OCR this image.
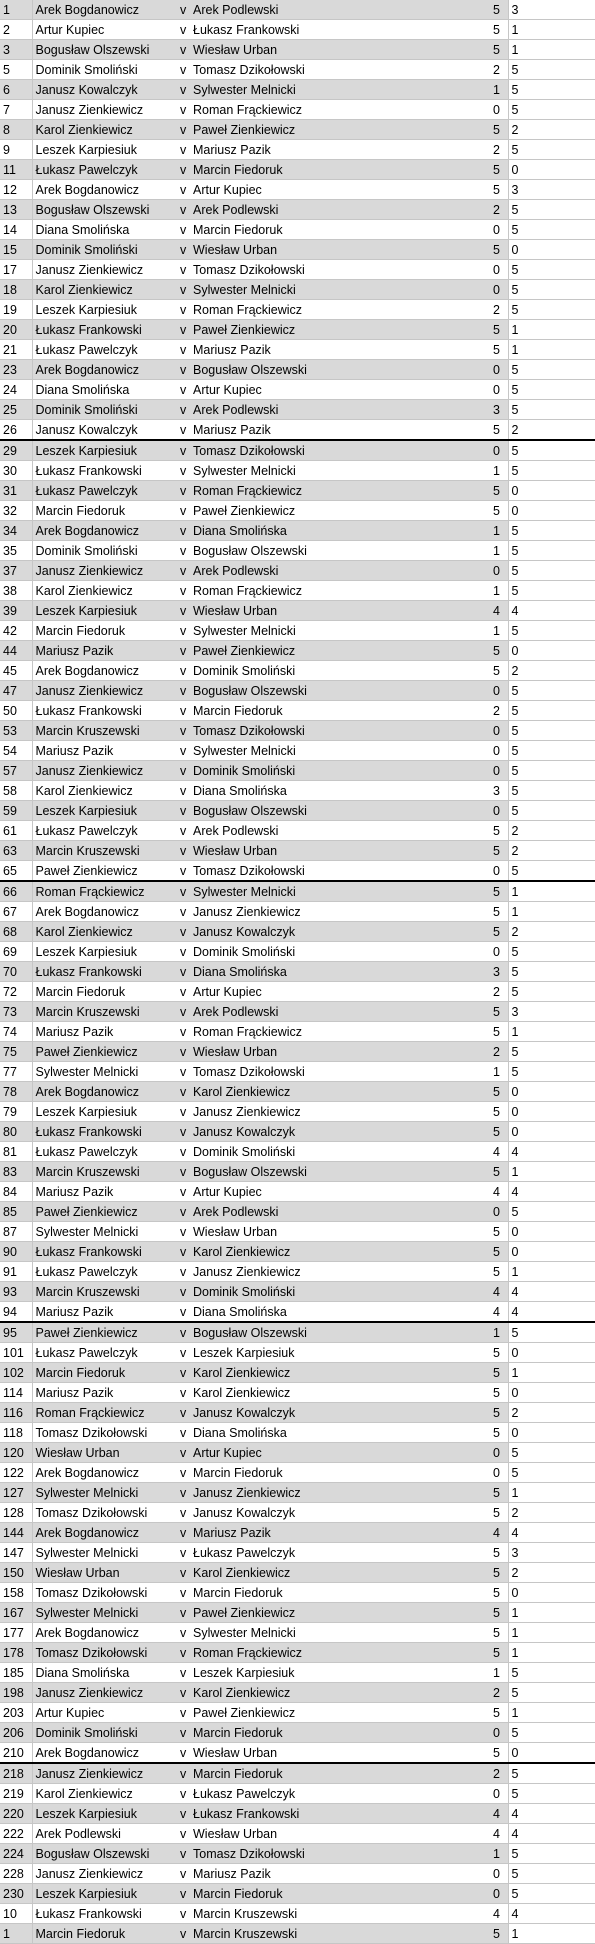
1	Arek Bogdanowicz	v	Arek Podlewski	5	3
2	Artur Kupiec	v	Łukasz Frankowski	5	1
3	Bogusław Olszewski	v	Wiesław Urban	5	1
5	Dominik Smoliński	v	Tomasz Dzikołowski	2	5
6	Janusz Kowalczyk	v	Sylwester Melnicki	1	5
7	Janusz Zienkiewicz	v	Roman Frąckiewicz	0	5
8	Karol Zienkiewicz	v	Paweł Zienkiewicz	5	2
9	Leszek Karpiesiuk	v	Mariusz Pazik	2	5
11	Łukasz Pawelczyk	v	Marcin Fiedoruk	5	0
12	Arek Bogdanowicz	v	Artur Kupiec	5	3
13	Bogusław Olszewski	v	Arek Podlewski	2	5
14	Diana Smolińska	v	Marcin Fiedoruk	0	5
15	Dominik Smoliński	v	Wiesław Urban	5	0
17	Janusz Zienkiewicz	v	Tomasz Dzikołowski	0	5
18	Karol Zienkiewicz	v	Sylwester Melnicki	0	5
19	Leszek Karpiesiuk	v	Roman Frąckiewicz	2	5
20	Łukasz Frankowski	v	Paweł Zienkiewicz	5	1
21	Łukasz Pawelczyk	v	Mariusz Pazik	5	1
23	Arek Bogdanowicz	v	Bogusław Olszewski	0	5
24	Diana Smolińska	v	Artur Kupiec	0	5
25	Dominik Smoliński	v	Arek Podlewski	3	5
26	Janusz Kowalczyk	v	Mariusz Pazik	5	2
29	Leszek Karpiesiuk	v	Tomasz Dzikołowski	0	5
30	Łukasz Frankowski	v	Sylwester Melnicki	1	5
31	Łukasz Pawelczyk	v	Roman Frąckiewicz	5	0
32	Marcin Fiedoruk	v	Paweł Zienkiewicz	5	0
34	Arek Bogdanowicz	v	Diana Smolińska	1	5
35	Dominik Smoliński	v	Bogusław Olszewski	1	5
37	Janusz Zienkiewicz	v	Arek Podlewski	0	5
38	Karol Zienkiewicz	v	Roman Frąckiewicz	1	5
39	Leszek Karpiesiuk	v	Wiesław Urban	4	4
42	Marcin Fiedoruk	v	Sylwester Melnicki	1	5
44	Mariusz Pazik	v	Paweł Zienkiewicz	5	0
45	Arek Bogdanowicz	v	Dominik Smoliński	5	2
47	Janusz Zienkiewicz	v	Bogusław Olszewski	0	5
50	Łukasz Frankowski	v	Marcin Fiedoruk	2	5
53	Marcin Kruszewski	v	Tomasz Dzikołowski	0	5
54	Mariusz Pazik	v	Sylwester Melnicki	0	5
57	Janusz Zienkiewicz	v	Dominik Smoliński	0	5
58	Karol Zienkiewicz	v	Diana Smolińska	3	5
59	Leszek Karpiesiuk	v	Bogusław Olszewski	0	5
61	Łukasz Pawelczyk	v	Arek Podlewski	5	2
63	Marcin Kruszewski	v	Wiesław Urban	5	2
65	Paweł Zienkiewicz	v	Tomasz Dzikołowski	0	5
66	Roman Frąckiewicz	v	Sylwester Melnicki	5	1
67	Arek Bogdanowicz	v	Janusz Zienkiewicz	5	1
68	Karol Zienkiewicz	v	Janusz Kowalczyk	5	2
69	Leszek Karpiesiuk	v	Dominik Smoliński	0	5
70	Łukasz Frankowski	v	Diana Smolińska	3	5
72	Marcin Fiedoruk	v	Artur Kupiec	2	5
73	Marcin Kruszewski	v	Arek Podlewski	5	3
74	Mariusz Pazik	v	Roman Frąckiewicz	5	1
75	Paweł Zienkiewicz	v	Wiesław Urban	2	5
77	Sylwester Melnicki	v	Tomasz Dzikołowski	1	5
78	Arek Bogdanowicz	v	Karol Zienkiewicz	5	0
79	Leszek Karpiesiuk	v	Janusz Zienkiewicz	5	0
80	Łukasz Frankowski	v	Janusz Kowalczyk	5	0
81	Łukasz Pawelczyk	v	Dominik Smoliński	4	4
83	Marcin Kruszewski	v	Bogusław Olszewski	5	1
84	Mariusz Pazik	v	Artur Kupiec	4	4
85	Paweł Zienkiewicz	v	Arek Podlewski	0	5
87	Sylwester Melnicki	v	Wiesław Urban	5	0
90	Łukasz Frankowski	v	Karol Zienkiewicz	5	0
91	Łukasz Pawelczyk	v	Janusz Zienkiewicz	5	1
93	Marcin Kruszewski	v	Dominik Smoliński	4	4
94	Mariusz Pazik	v	Diana Smolińska	4	4
95	Paweł Zienkiewicz	v	Bogusław Olszewski	1	5
101	Łukasz Pawelczyk	v	Leszek Karpiesiuk	5	0
102	Marcin Fiedoruk	v	Karol Zienkiewicz	5	1
114	Mariusz Pazik	v	Karol Zienkiewicz	5	0
116	Roman Frąckiewicz	v	Janusz Kowalczyk	5	2
118	Tomasz Dzikołowski	v	Diana Smolińska	5	0
120	Wiesław Urban	v	Artur Kupiec	0	5
122	Arek Bogdanowicz	v	Marcin Fiedoruk	0	5
127	Sylwester Melnicki	v	Janusz Zienkiewicz	5	1
128	Tomasz Dzikołowski	v	Janusz Kowalczyk	5	2
144	Arek Bogdanowicz	v	Mariusz Pazik	4	4
147	Sylwester Melnicki	v	Łukasz Pawelczyk	5	3
150	Wiesław Urban	v	Karol Zienkiewicz	5	2
158	Tomasz Dzikołowski	v	Marcin Fiedoruk	5	0
167	Sylwester Melnicki	v	Paweł Zienkiewicz	5	1
177	Arek Bogdanowicz	v	Sylwester Melnicki	5	1
178	Tomasz Dzikołowski	v	Roman Frąckiewicz	5	1
185	Diana Smolińska	v	Leszek Karpiesiuk	1	5
198	Janusz Zienkiewicz	v	Karol Zienkiewicz	2	5
203	Artur Kupiec	v	Paweł Zienkiewicz	5	1
206	Dominik Smoliński	v	Marcin Fiedoruk	0	5
210	Arek Bogdanowicz	v	Wiesław Urban	5	0
218	Janusz Zienkiewicz	v	Marcin Fiedoruk	2	5
219	Karol Zienkiewicz	v	Łukasz Pawelczyk	0	5
220	Leszek Karpiesiuk	v	Łukasz Frankowski	4	4
222	Arek Podlewski	v	Wiesław Urban	4	4
224	Bogusław Olszewski	v	Tomasz Dzikołowski	1	5
228	Janusz Zienkiewicz	v	Mariusz Pazik	0	5
230	Leszek Karpiesiuk	v	Marcin Fiedoruk	0	5
10	Łukasz Frankowski	v	Marcin Kruszewski	4	4
1	Marcin Fiedoruk	v	Marcin Kruszewski	5	1
